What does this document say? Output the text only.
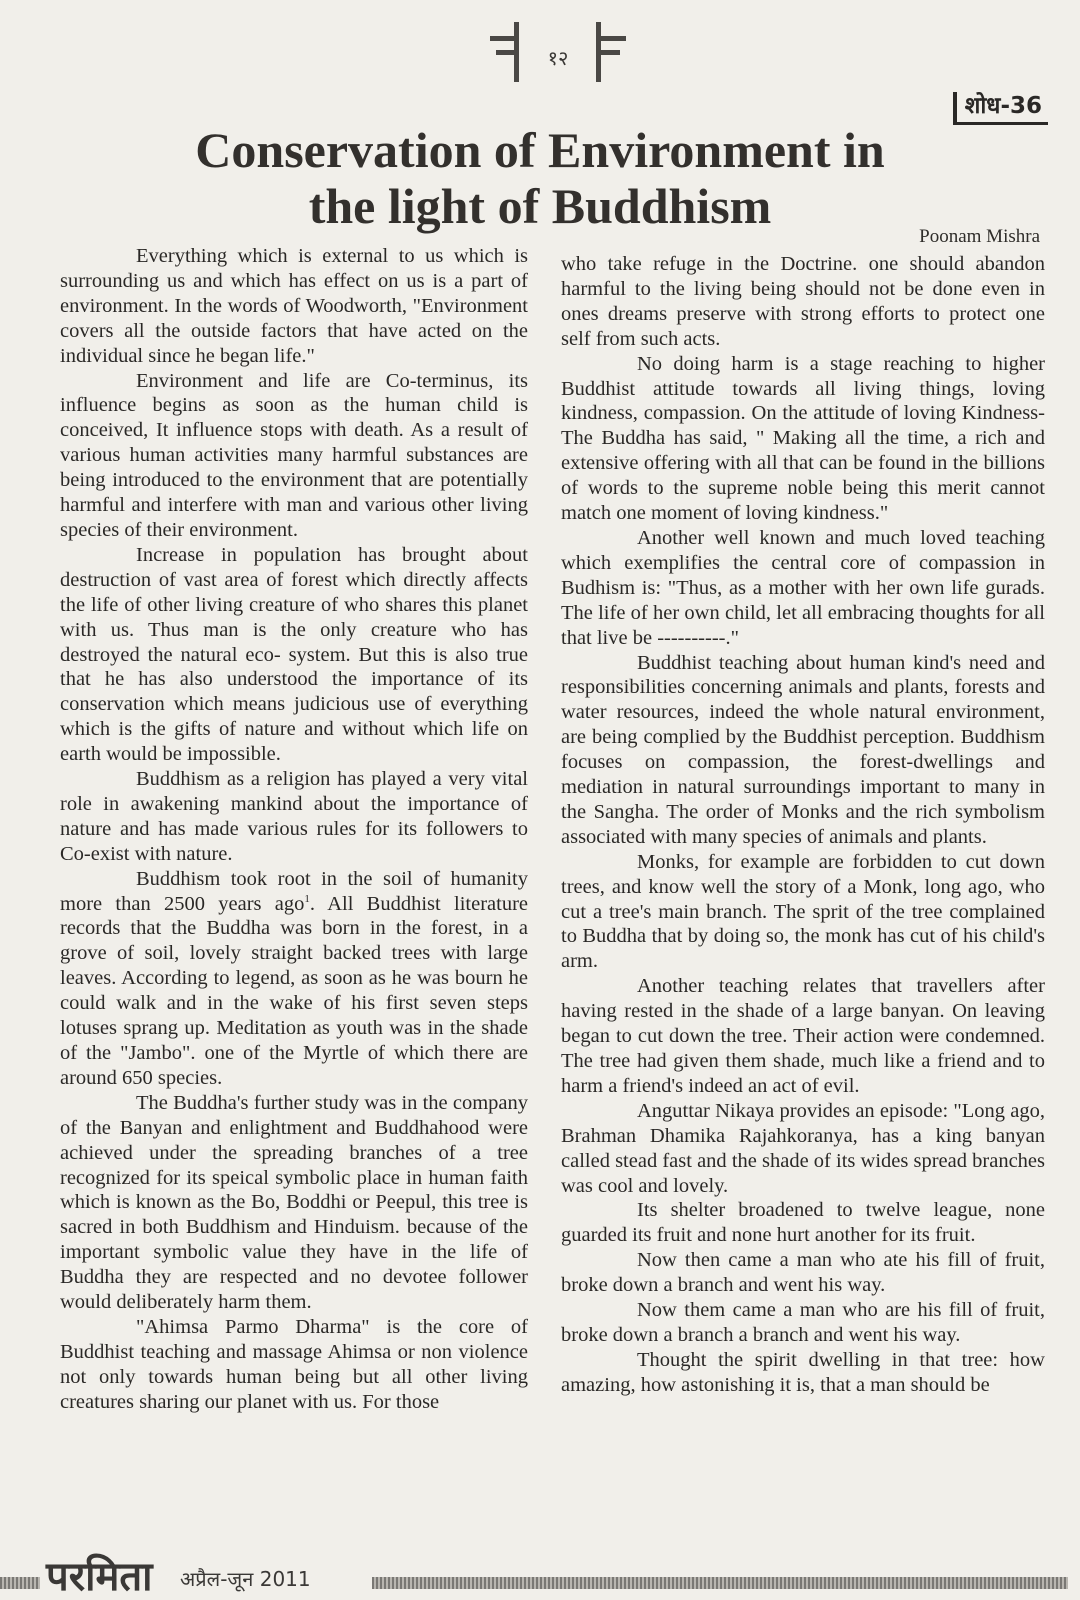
१२
शोध-36
Conservation of Environment in
the light of Buddhism
Poonam Mishra

Everything which is external to us which is surrounding us and which has effect on us is a part of environment. In the words of Woodworth, "Environment covers all the outside factors that have acted on the individual since he began life."

Environment and life are Co-terminus, its influence begins as soon as the human child is conceived, It influence stops with death. As a result of various human activities many harmful substances are being introduced to the environment that are potentially harmful and interfere with man and various other living species of their environment.

Increase in population has brought about destruction of vast area of forest which directly affects the life of other living creature of who shares this planet with us. Thus man is the only creature who has destroyed the natural eco- system. But this is also true that he has also understood the importance of its conservation which means judicious use of everything which is the gifts of nature and without which life on earth would be impossible.

Buddhism as a religion has played a very vital role in awakening mankind about the importance of nature and has made various rules for its followers to Co-exist with nature.

Buddhism took root in the soil of humanity more than 2500 years ago$^1$. All Buddhist literature records that the Buddha was born in the forest, in a grove of soil, lovely straight backed trees with large leaves. According to legend, as soon as he was bourn he could walk and in the wake of his first seven steps lotuses sprang up. Meditation as youth was in the shade of the "Jambo". one of the Myrtle of which there are around 650 species.

The Buddha's further study was in the company of the Banyan and enlightment and Buddhahood were achieved under the spreading branches of a tree recognized for its speical symbolic place in human faith which is known as the Bo, Boddhi or Peepul, this tree is sacred in both Buddhism and Hinduism. because of the important symbolic value they have in the life of Buddha they are respected and no devotee follower would deliberately harm them.

"Ahimsa Parmo Dharma" is the core of Buddhist teaching and massage Ahimsa or non violence not only towards human being but all other living creatures sharing our planet with us. For those

who take refuge in the Doctrine. one should abandon harmful to the living being should not be done even in ones dreams preserve with strong efforts to protect one self from such acts.

No doing harm is a stage reaching to higher Buddhist attitude towards all living things, loving kindness, compassion. On the attitude of loving Kindness- The Buddha has said, " Making all the time, a rich and extensive offering with all that can be found in the billions of words to the supreme noble being this merit cannot match one moment of loving kindness."

Another well known and much loved teaching which exemplifies the central core of compassion in Budhism is: "Thus, as a mother with her own life gurads. The life of her own child, let all embracing thoughts for all that live be ----------."

Buddhist teaching about human kind's need and responsibilities concerning animals and plants, forests and water resources, indeed the whole natural environment, are being complied by the Buddhist perception. Buddhism focuses on compassion, the forest-dwellings and mediation in natural surroundings important to many in the Sangha. The order of Monks and the rich symbolism associated with many species of animals and plants.

Monks, for example are forbidden to cut down trees, and know well the story of a Monk, long ago, who cut a tree's main branch. The sprit of the tree complained to Buddha that by doing so, the monk has cut of his child's arm.

Another teaching relates that travellers after having rested in the shade of a large banyan. On leaving began to cut down the tree. Their action were condemned. The tree had given them shade, much like a friend and to harm a friend's indeed an act of evil.

Anguttar Nikaya provides an episode: "Long ago, Brahman Dhamika Rajahkoranya, has a king banyan called stead fast and the shade of its wides spread branches was cool and lovely.

Its shelter broadened to twelve league, none guarded its fruit and none hurt another for its fruit.

Now then came a man who ate his fill of fruit, broke down a branch and went his way.

Now them came a man who are his fill of fruit, broke down a branch a branch and went his way.

Thought the spirit dwelling in that tree: how amazing, how astonishing it is, that a man should be

परमिता अप्रैल-जून 2011
